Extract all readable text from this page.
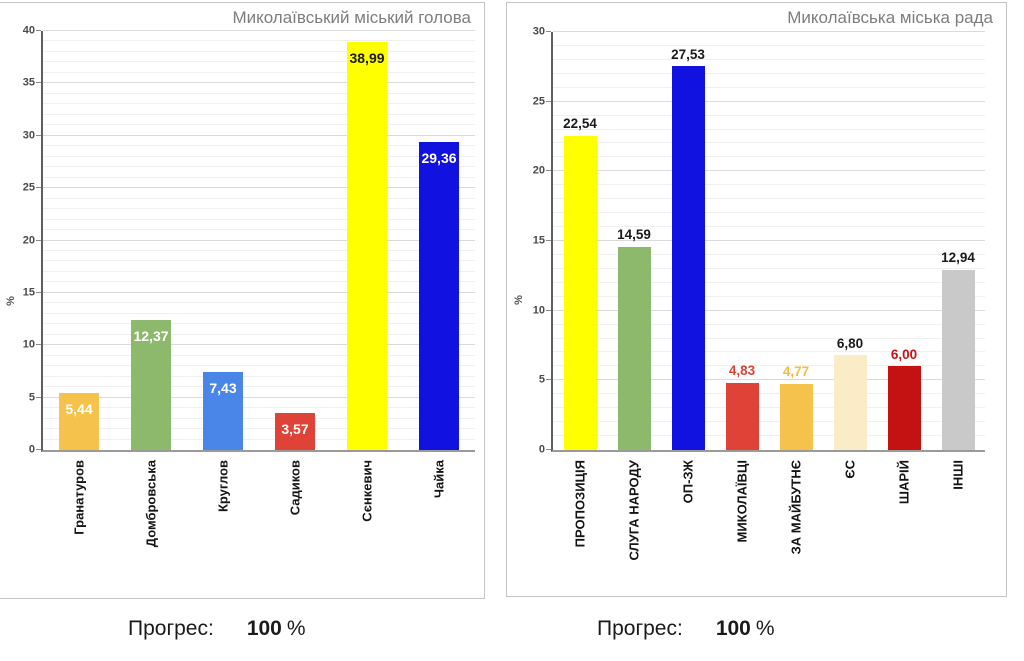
Миколаївський міський голова
%
0
5
10
15
20
25
30
35
40
5,44
Гранатуров
12,37
Домбровська
7,43
Круглов
3,57
Садиков
38,99
Сєнкевич
29,36
Чайка
Миколаївська міська рада
%
0
5
10
15
20
25
30
22,54
ПРОПОЗИЦІЯ
14,59
СЛУГА НАРОДУ
27,53
ОП-ЗЖ
4,83
МИКОЛАЇВЦІ
4,77
ЗА МАЙБУТНЄ
6,80
ЄС
6,00
ШАРІЙ
12,94
ІНШІ
Прогрес: 100 %	Прогрес: 100 %
